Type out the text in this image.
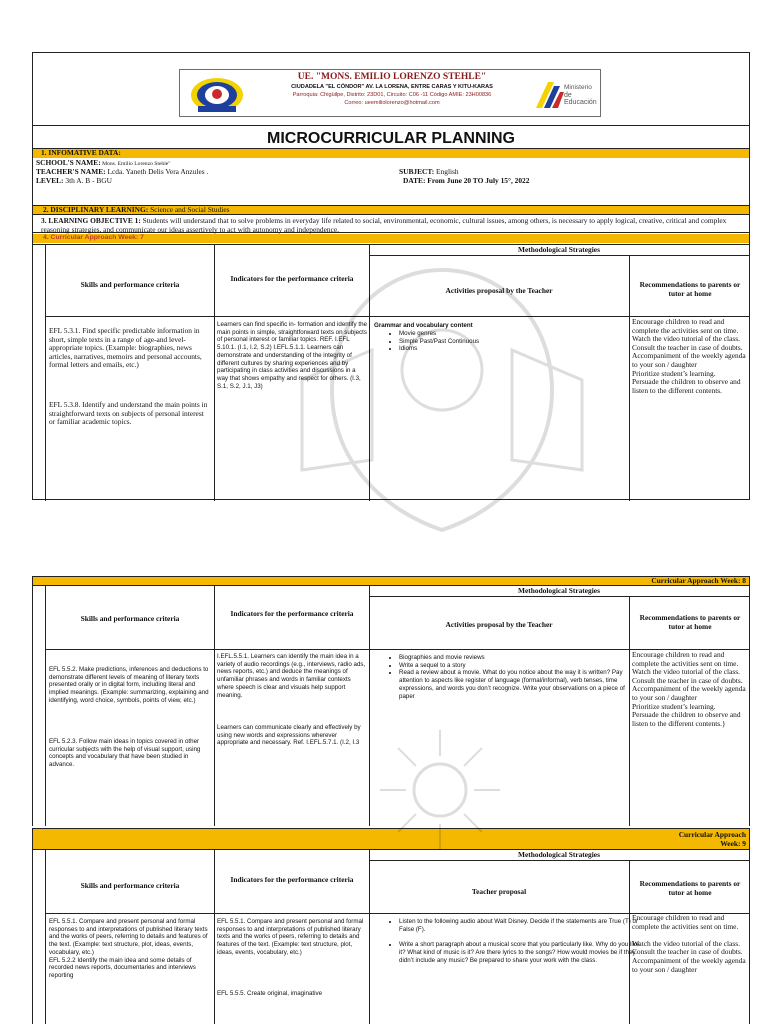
UE. "MONS. EMILIO LORENZO STEHLE"
CIUDADELA "EL CÓNDOR" AV. LA LORENA, ENTRE CARAS Y KITU-KARAS
Parroquia: Chigüilpe, Distrito: 23D01, Circuito: C06 -11 Código AMIE: 23H00836
Correo: ueemiliolorenzo@hotmail.com
Ministerio
de Educación
MICROCURRICULAR PLANNING
1. INFOMATIVE DATA:
SCHOOL'S NAME: Mons. Emilio Lorenzo Stehle"
TEACHER'S NAME: Lcda. Yaneth Delis Vera Anzules .
LEVEL: 3th A. B - BGU
SUBJECT: English
DATE: From June 20 TO July 15°, 2022
2. DISCIPLINARY LEARNING: Science and Social Studies
3. LEARNING OBJECTIVE 1: Students will understand that to solve problems in everyday life related to social, environmental, economic, cultural issues, among others, is necessary to apply logical, creative, critical and complex reasoning strategies, and communicate our ideas assertively to act with autonomy and independence.
4. Curricular Approach Week: 7
Methodological Strategies
Skills and performance criteria
Indicators for the performance criteria
Activities proposal by the Teacher
Recommendations to parents or tutor at home
EFL 5.3.1. Find specific predictable information in short, simple texts in a range of age-and level-appropriate topics. (Example: biographies, news articles, narratives, memoirs and personal accounts, formal letters and emails, etc.)
EFL 5.3.8. Identify and understand the main points in straightforward texts on subjects of personal interest or familiar academic topics.
Learners can find specific in- formation and identify the main points in simple, straightforward texts on subjects of personal interest or familiar topics. REF. I.EFL 5.10.1. (I.1, I.2, S.2) I.EFL.5.1.1. Learners can demonstrate and understanding of the integrity of different cultures by sharing experiences and by participating in class activities and discussions in a way that shows empathy and respect for others. (I.3, S.1, S.2, J.1, J3)
Grammar and vocabulary content
• Movie genres
• Simple Past/Past Continuous
• Idioms
Encourage children to read and complete the activities sent on time.
Watch the video tutorial of the class.
Consult the teacher in case of doubts.
Accompaniment of the weekly agenda to your son / daughter
Prioritize student’s learning.
Persuade the children to observe and listen to the different contents.
Curricular Approach Week: 8
Methodological Strategies
Skills and performance criteria
Indicators for the performance criteria
Activities proposal by the Teacher
Recommendations to parents or tutor at home
EFL 5.5.2. Make predictions, inferences and deductions to demonstrate different levels of meaning of literary texts presented orally or in digital form, including literal and implied meanings. (Example: summarizing, explaining and identifying, word choice, symbols, points of view, etc.)
EFL 5.2.3. Follow main ideas in topics covered in other curricular subjects with the help of visual support, using concepts and vocabulary that have been studied in advance.
I.EFL.5.5.1. Learners can identify the main idea in a variety of audio recordings (e.g., interviews, radio ads, news reports, etc.) and deduce the meanings of unfamiliar phrases and words in familiar contexts where speech is clear and visuals help support meaning.
Learners can communicate clearly and effectively by using new words and expressions wherever appropriate and necessary. Ref. I.EFL.5.7.1. (I.2, I.3
• Biographies and movie reviews
• Write a sequel to a story
• Read a review about a movie. What do you notice about the way it is written? Pay attention to aspects like register of language (formal/informal), verb tenses, time expressions, and words you don’t recognize. Write your observations on a piece of paper
Encourage children to read and complete the activities sent on time.
Watch the video tutorial of the class.
Consult the teacher in case of doubts.
Accompaniment of the weekly agenda to your son / daughter
Prioritize student’s learning.
Persuade the children to observe and listen to the different contents.}
Curricular Approach
Week: 9
Methodological Strategies
Skills and performance criteria
Indicators for the performance criteria
Teacher proposal
Recommendations to parents or tutor at home
EFL 5.5.1. Compare and present personal and formal responses to and interpretations of published literary texts and the works of peers, referring to details and features of the text. (Example: text structure, plot, ideas, events, vocabulary, etc.)
EFL 5.2.2 Identify the main idea and some details of recorded news reports, documentaries and interviews reporting
EFL 5.5.1. Compare and present personal and formal responses to and interpretations of published literary texts and the works of peers, referring to details and features of the text. (Example: text structure, plot, ideas, events, vocabulary, etc.)
EFL 5.5.5. Create original, imaginative
• Listen to the following audio about Walt Disney. Decide if the statements are True (T) or False (F).
• Write a short paragraph about a musical score that you particularly like. Why do you like it? What kind of music is it? Are there lyrics to the songs? How would movies be if they didn’t include any music? Be prepared to share your work with the class.
Encourage children to read and complete the activities sent on time.

Watch the video tutorial of the class.
Consult the teacher in case of doubts.
Accompaniment of the weekly agenda to your son / daughter
